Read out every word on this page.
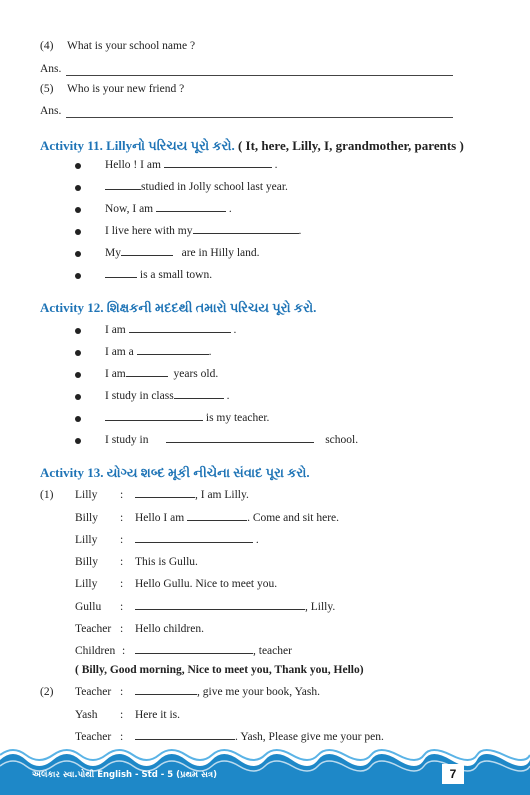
(4) What is your school name ?
Ans.
(5) Who is your new friend ?
Ans.
Activity 11. Lillyનો પરિચય પૂરો કરો. ( It, here, Lilly, I, grandmother, parents )
Hello ! I am	.
studied in Jolly school last year.
Now, I am	.
I live here with my	.
My	are in Hilly land.
is a small town.
Activity 12. શિક્ષકની મદદથી તમારો પરિચય પૂરો કરો.
I am	.
I am a	.
I am	years old.
I study in class	.
is my teacher.
I study in	school.
Activity 13. યોગ્ય શબ્દ મૂકી નીચેના સંવાદ પૂરા કરો.
(1) Lilly :	, I am Lilly.
Billy : Hello I am	. Come and sit here.
Lilly :	.
Billy : This is Gullu.
Lilly : Hello Gullu. Nice to meet you.
Gullu :	, Lilly.
Teacher : Hello children.
Children :	, teacher
( Billy, Good morning, Nice to meet you, Thank you, Hello)
(2) Teacher :	, give me your book, Yash.
Yash : Here it is.
Teacher :	. Yash, Please give me your pen.
અલંકાર સ્વા.પોથી English - Std - 5 (પ્રથમ સત્ર)	7
